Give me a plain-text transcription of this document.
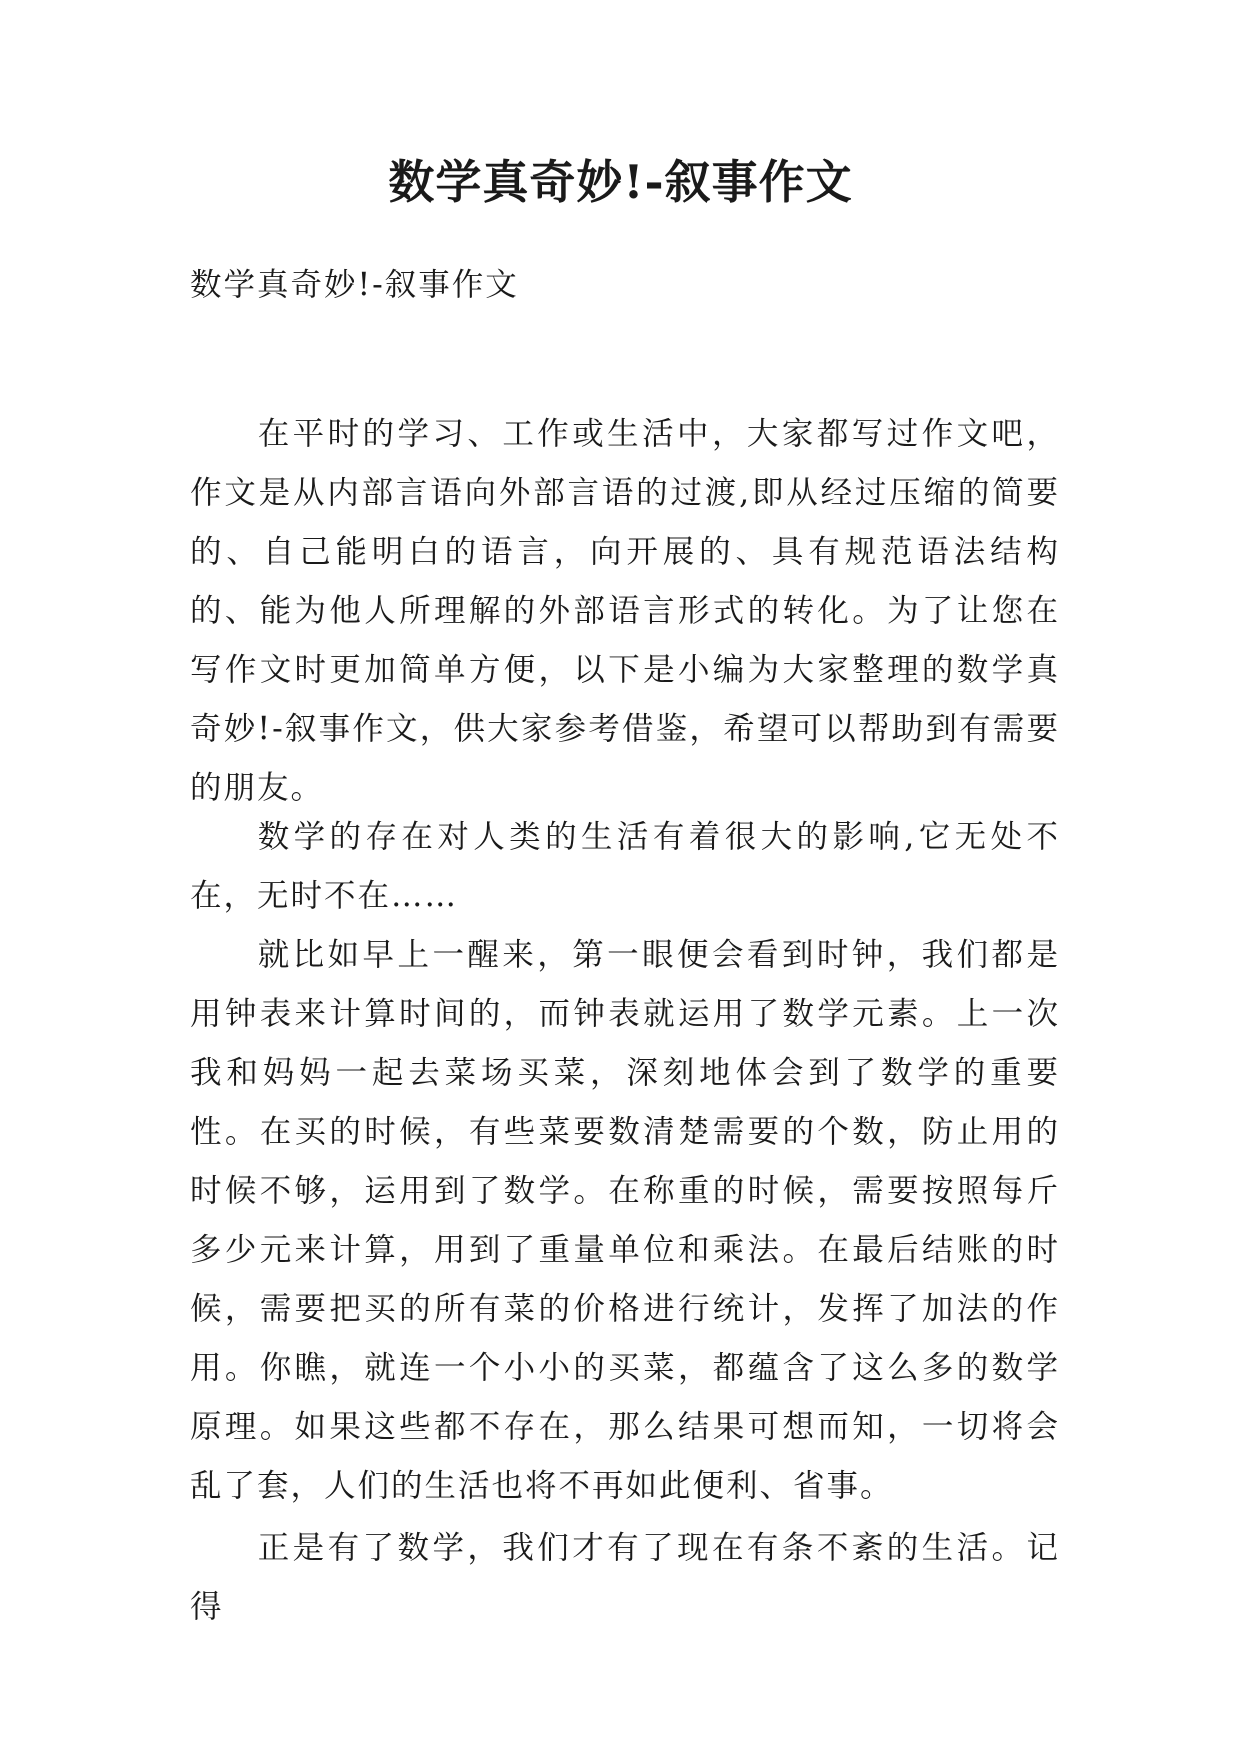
数学真奇妙!-叙事作文

数学真奇妙!-叙事作文

在平时的学习、工作或生活中，大家都写过作文吧，作文是从内部言语向外部言语的过渡,即从经过压缩的简要的、自己能明白的语言，向开展的、具有规范语法结构的、能为他人所理解的外部语言形式的转化。为了让您在写作文时更加简单方便，以下是小编为大家整理的数学真奇妙!-叙事作文，供大家参考借鉴，希望可以帮助到有需要的朋友。

数学的存在对人类的生活有着很大的影响,它无处不在，无时不在……

就比如早上一醒来，第一眼便会看到时钟，我们都是用钟表来计算时间的，而钟表就运用了数学元素。上一次我和妈妈一起去菜场买菜，深刻地体会到了数学的重要性。在买的时候，有些菜要数清楚需要的个数，防止用的时候不够，运用到了数学。在称重的时候，需要按照每斤多少元来计算，用到了重量单位和乘法。在最后结账的时候，需要把买的所有菜的价格进行统计，发挥了加法的作用。你瞧，就连一个小小的买菜，都蕴含了这么多的数学原理。如果这些都不存在，那么结果可想而知，一切将会乱了套，人们的生活也将不再如此便利、省事。

正是有了数学，我们才有了现在有条不紊的生活。记得
